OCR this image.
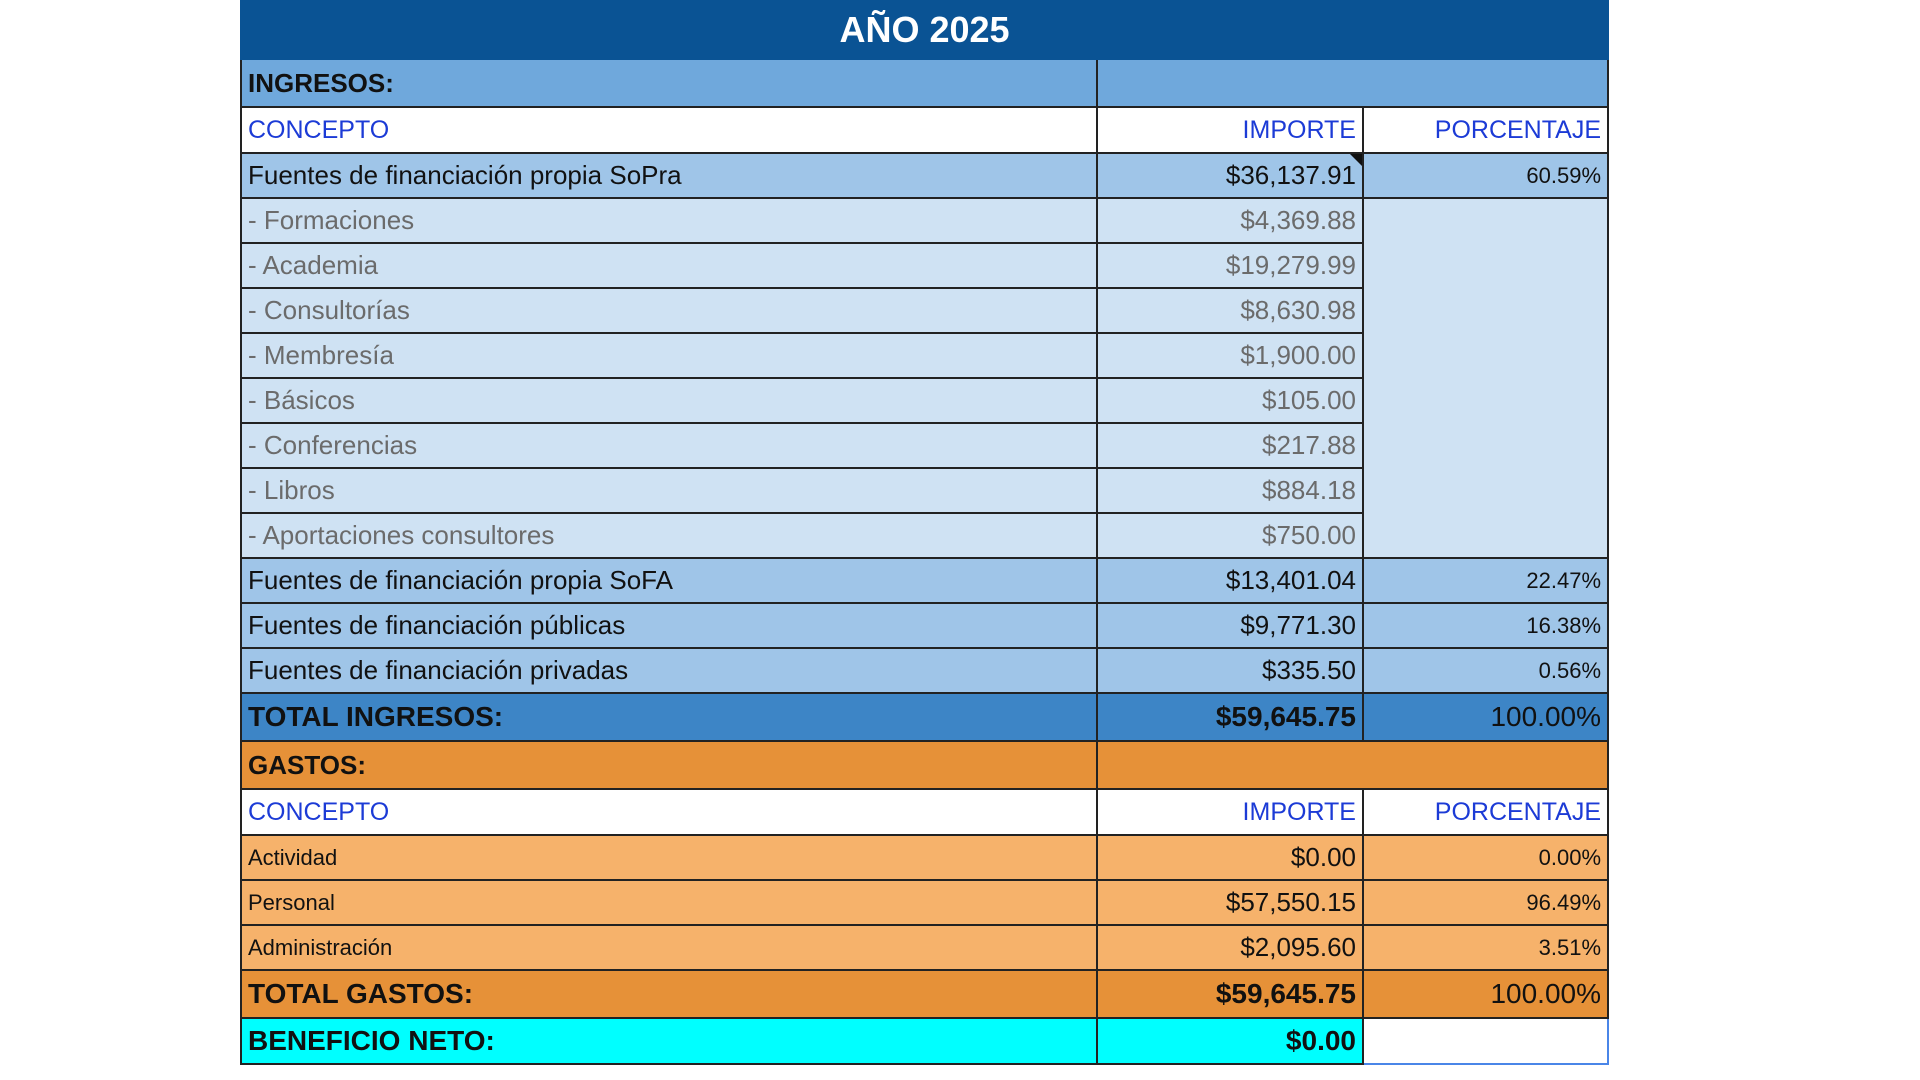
AÑO 2025		
INGRESOS:		
CONCEPTO	IMPORTE	PORCENTAJE
Fuentes de financiación propia SoPra	$36,137.91	60.59%
- Formaciones	$4,369.88	
- Academia	$19,279.99	
- Consultorías	$8,630.98	
- Membresía	$1,900.00	
- Básicos	$105.00	
- Conferencias	$217.88	
- Libros	$884.18	
- Aportaciones consultores	$750.00	
Fuentes de financiación propia SoFA	$13,401.04	22.47%
Fuentes de financiación públicas	$9,771.30	16.38%
Fuentes de financiación privadas	$335.50	0.56%
TOTAL INGRESOS:	$59,645.75	100.00%
GASTOS:		
CONCEPTO	IMPORTE	PORCENTAJE
Actividad	$0.00	0.00%
Personal	$57,550.15	96.49%
Administración	$2,095.60	3.51%
TOTAL GASTOS:	$59,645.75	100.00%
BENEFICIO NETO:	$0.00	
